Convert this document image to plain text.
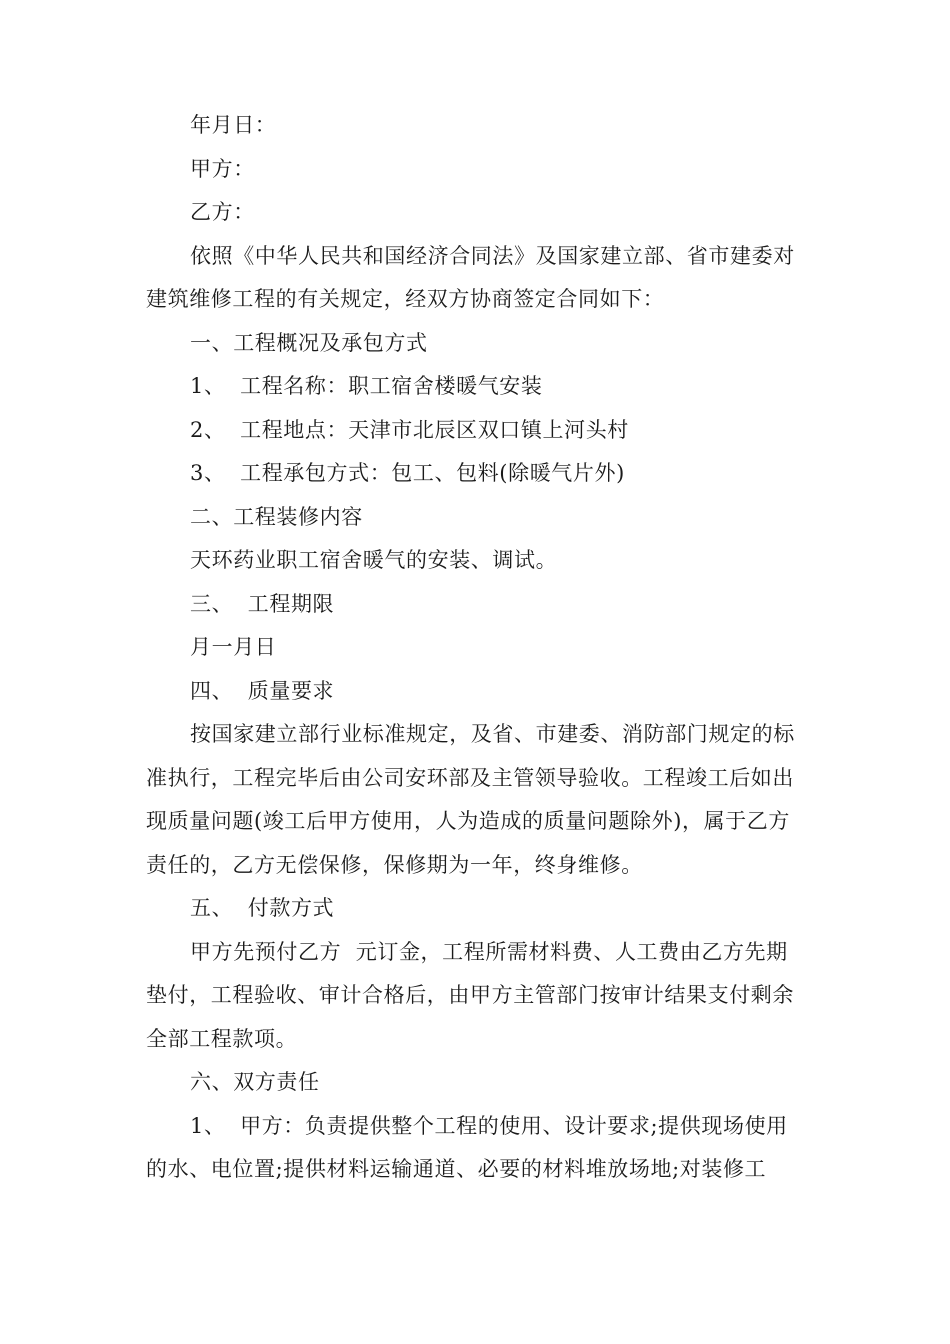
年月日：

甲方：

乙方：

依照《中华人民共和国经济合同法》及国家建立部、省市建委对建筑维修工程的有关规定，经双方协商签定合同如下：

一、工程概况及承包方式

1、  工程名称：职工宿舍楼暖气安装

2、  工程地点：天津市北辰区双口镇上河头村

3、  工程承包方式：包工、包料(除暖气片外)

二、工程装修内容

天环药业职工宿舍暖气的安装、调试。

三、  工程期限

月一月日

四、  质量要求

按国家建立部行业标准规定，及省、市建委、消防部门规定的标准执行，工程完毕后由公司安环部及主管领导验收。工程竣工后如出现质量问题(竣工后甲方使用，人为造成的质量问题除外)，属于乙方责任的，乙方无偿保修，保修期为一年，终身维修。

五、  付款方式

甲方先预付乙方  元订金，工程所需材料费、人工费由乙方先期垫付，工程验收、审计合格后，由甲方主管部门按审计结果支付剩余全部工程款项。

六、双方责任

1、  甲方：负责提供整个工程的使用、设计要求;提供现场使用的水、电位置;提供材料运输通道、必要的材料堆放场地;对装修工
